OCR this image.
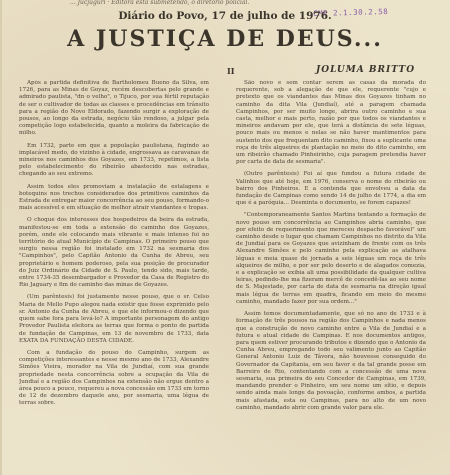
... Jucjuguri · Editora está submetendo, o diretório policial.
CMP 2.1.30.2.58
Diário do Povo, 17 de julho de 1976.
A JUSTIÇA DE DEUS...
II	JOLUMA BRITTO

Após a partida definitiva de Bartholomeu Bueno da Silva, em 1726, para as Minas de Goyaz, recém descobertas pelo grande e admirado paulista, "dn o velho", o Tijuco, por sua fértil reputação de ser o cultivador de todas as classes e procedências em trânsito para a região do Novo Eldorado, fazendo surgir a exploração de pousos, ao longo da estrada, negócio tão rendoso, a julgar pela competição logo estabelecida, quanto a moleira da fabricação de milho.

Em 1732, parte em que a população paulistana, fugindo ao implacável medo, do vizinho à cidade, engrossava as caravanas de mineiros nos caminhos dos Goyazes, em 1733, repetimos, a lista pelo estabelecimento do ribeirão abastecido nas estradas, chegando ao seu extremo.

Assim todos eles promoviam a instalação de estalagens e botequins nos trechos considerados dos primitivos caminhos da Estrada de entregar maior concorrência ao seu pouso, formando-o mais acessível e em situação de melhor atrair viandantes e tropas.

O choque dos interesses dos hospedeiros da beira da estrada, manifestou-se em toda a extensão do caminho dos Goyazes, porém, onde ele colocando mais vibrante e mais intenso foi no território do atual Município de Campinas. O primeiro pouso que surgiu nessa região foi instalado em 1732 na sesmaria dos "Campinhos", pelo Capitão Antonio da Cunha de Abreu, seu proprietário e homem poderoso, pela sua posição de procurador do Juiz Ordinário da Cidade de S. Paulo, tendo sido, mais tarde, entre 1734-35 desembargador e Provedor da Casa de Registro do Rio Jaguary e fim do caminho das minas de Goyazes.

(Um parêntesis) foi justamente nesse pouso, que o sr. Celso Maria de Mello Pupo alegou nada existir que fosse exprimido pelo sr. Antonio da Cunha de Abreu, e que ele informou-o dizendo que quem sabe fora para levá-lo? A importante personagem do antigo Provedor Paulista eleitora as terras que forma o ponto de partida de fundação de Campinas, em 13 de novembro de 1733, data EXATA DA FUNDAÇÃO DESTA CIDADE.

Com a fundação do pouso do Campinho, surgem as competições interessantes e nesse mesmo ano de 1733, Alexandre Simões Vieira, morador na Vila de Jundiaí, com sua grande propriedade nesta concorrência sobre a ocupação da Vila de Jundiaí e a região dos Campinhos na extensão não ergue dentro a área pouco a pouco, requereu a nova concessão em 1733 em torno de 12 de dezembro daquele ano, por sesmaria, uma légua de terras sobre.

São novo e sem contar serem as casas da morada do requerente, sob a alegação de que ele, requerente "cujo e pretexto que os viandantes das Minas dos Goyazes tinham no caminho da dita Vila (Jundiaí), até a paragem chamada Campinhos, por ser muito longe, abrira outro caminho e sua casta, melhor e mais perto, razão por que todos os viandantes e mineiros andavam por ele, que terá a distância de sete léguas, pouco mais ou menos e nelas se não haver mantimentos para sustento dos que frequentam dito caminho, fixou a suplicante uma roça de três alqueires de plantação no meio do dito caminho, em um ribeirão chamado Pinheirinho, cuja paragem pretendia haver por carta de data de sesmaria".

(Outro parêntesis) Foi aí que fundou a futura cidade de Valinhos que até hoje, em 1976, conserva o nome do ribeirão ou bairro dos Pinheiros. E a contenda que envolveu a data da fundação de Campinas como sendo 14 de julho de 1774, a dia em que é a paróquia... Desminta o documento, se forem capazes!

"Contemporaneamente Santos Martins tentando a formação de novo pouso em concorrência ao Campinhos abria caminho, que por efeito de requerimento que mereceu despacho favorável" um caminho desde o lugar que chamam Campinhos no distrito da Vila de Jundiaí para os Goyazes que avizinham de frente com os três Alexandre Simões e pelo caminho pela explicação as atalhava léguas e meia quase de jornada a seis léguas um roça de três alqueires de milho, e por ser pelo deserto e de alagados comezia, e a explicação se exibia ali uma possibilidade da qualquer cultiva leiras, pedindo-lhe ma fizeram mercê de concedê-las ao seu nome de S. Majestade, por carta de data de sesmaria na direção igual mais légua de terras em quadra, ficando em meio do mesmo caminho, mandado fazer por sua ordem..."

Assim temos documentadamente, que só no ano de 1733 e à formação de três pousos na região dos Campinhos e nada menos que a construção de novo caminho entre a Vila de Jundiaí e a futura e atual cidade de Campinas. E nos documentos antigos, para quem estiver procurando tributos e dizendo que o Antonio da Cunha Abreu, empregando todo seu valimento junto ao Capitão General Antonio Luiz de Távora, não houvesse conseguido do Governador da Capitania, em seu favor e da tal grande posse em Barreiro de Rio, contentando com a concessão de uma nova sesmaria, sua primeira do seu Concedor de Campinas, em 1739, mandando prender o Pinheiro, em seu nome um sítio, e depois sendo ainda mais longe da povoação, conforme ambos, a partida mais afastada, esta ou Campinas, para no alto de um novo caminho, mandado abrir com grande valor para ele.
